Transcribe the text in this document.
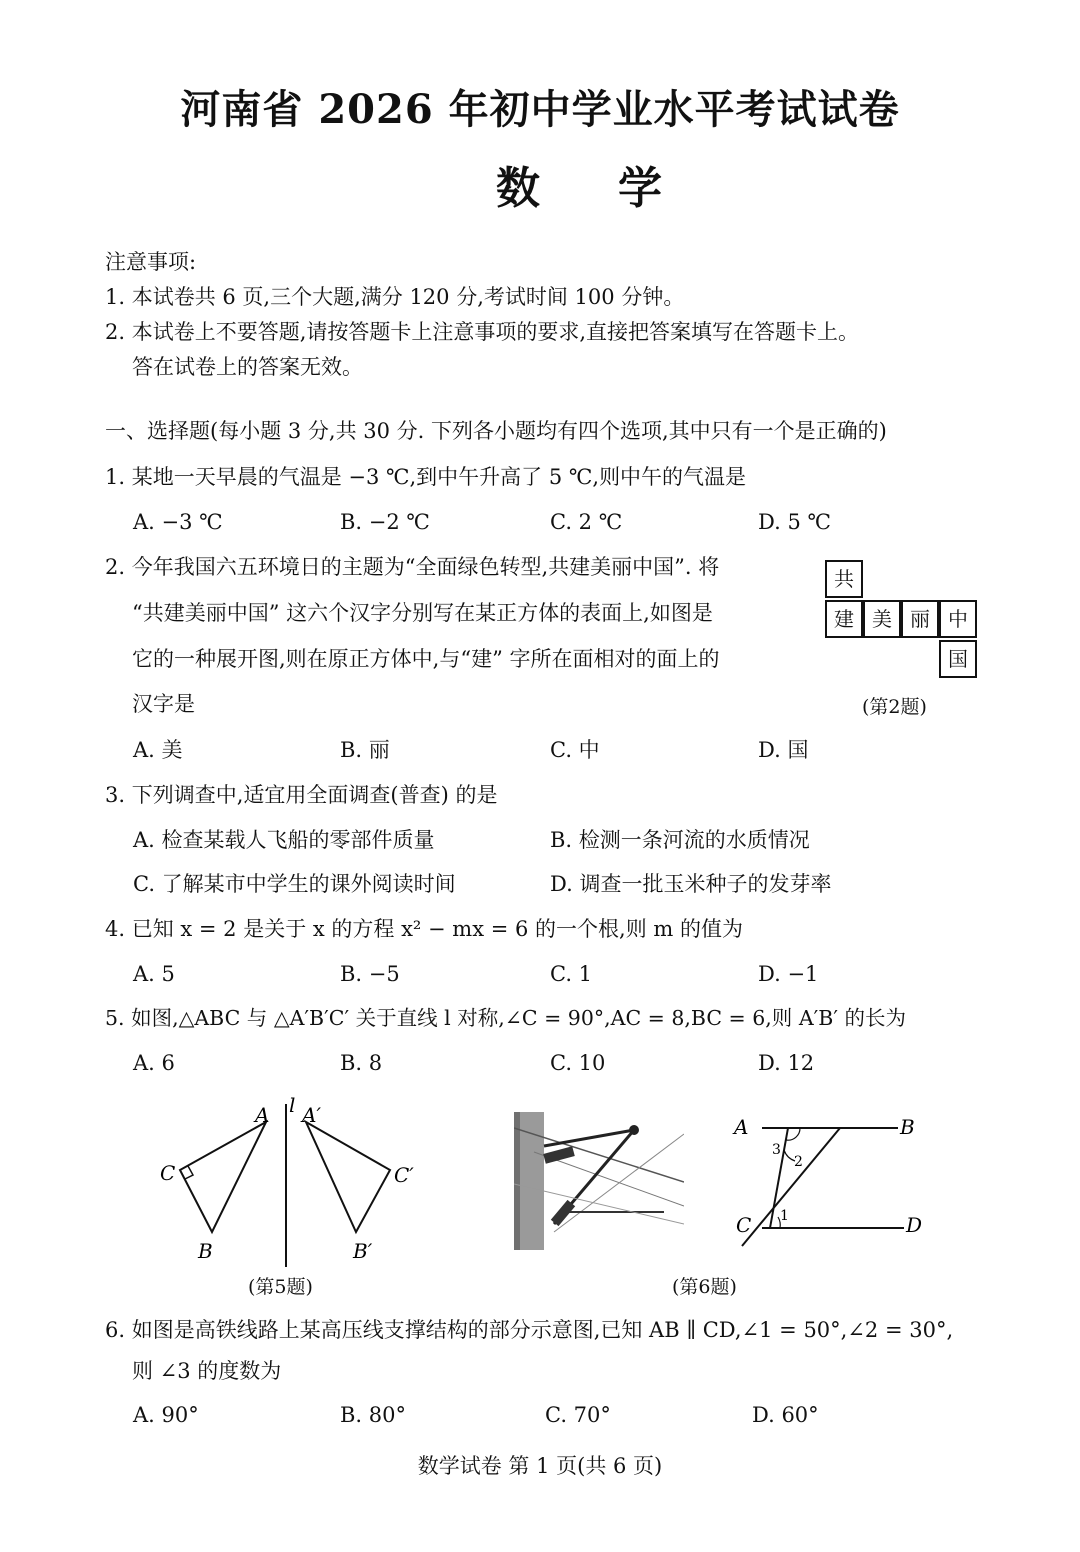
河南省 2026 年初中学业水平考试试卷
数学
注意事项:
1. 本试卷共 6 页,三个大题,满分 120 分,考试时间 100 分钟。
2. 本试卷上不要答题,请按答题卡上注意事项的要求,直接把答案填写在答题卡上。
答在试卷上的答案无效。
一、选择题(每小题 3 分,共 30 分. 下列各小题均有四个选项,其中只有一个是正确的)
1. 某地一天早晨的气温是 −3 ℃,到中午升高了 5 ℃,则中午的气温是
A. −3 ℃	B. −2 ℃	C. 2 ℃	D. 5 ℃
2. 今年我国六五环境日的主题为“全面绿色转型,共建美丽中国”. 将
“共建美丽中国” 这六个汉字分别写在某正方体的表面上,如图是
它的一种展开图,则在原正方体中,与“建” 字所在面相对的面上的
汉字是
共
建 美 丽 中
国
(第2题)
A. 美	B. 丽	C. 中	D. 国
3. 下列调查中,适宜用全面调查(普查) 的是
A. 检查某载人飞船的零部件质量	B. 检测一条河流的水质情况
C. 了解某市中学生的课外阅读时间	D. 调查一批玉米种子的发芽率
4. 已知 x = 2 是关于 x 的方程 x² − mx = 6 的一个根,则 m 的值为
A. 5	B. −5	C. 1	D. −1
5. 如图,△ABC 与 △A′B′C′ 关于直线 l 对称,∠C = 90°,AC = 8,BC = 6,则 A′B′ 的长为
A. 6	B. 8	C. 10	D. 12
A
B
C
l A′
B′
C′
(第5题)
A	B
C	D
1
2
3
(第6题)
6. 如图是高铁线路上某高压线支撑结构的部分示意图,已知 AB ∥ CD,∠1 = 50°,∠2 = 30°,
则 ∠3 的度数为
A. 90°	B. 80°	C. 70°	D. 60°
数学试卷 第 1 页(共 6 页)
